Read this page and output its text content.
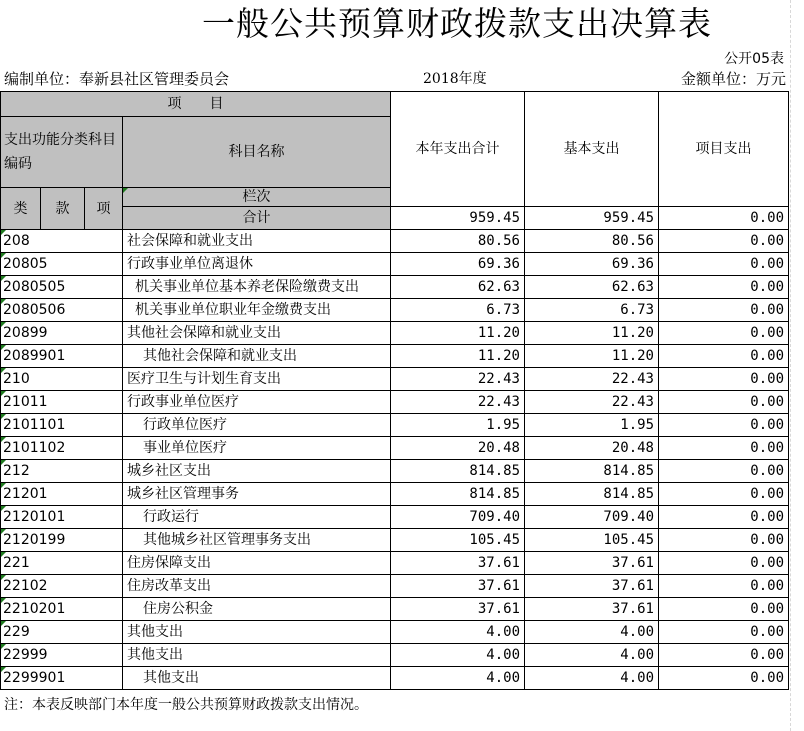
一般公共预算财政拨款支出决算表
公开05表
编制单位：奉新县社区管理委员会	2018年度	金额单位：万元
项　　目				本年支出合计	基本支出	项目支出	
支出功能分类科目编码			科目名称				
类	款	项	栏次			
			合计	959.45	959.45	0.00	
208			社会保障和就业支出	80.56	80.56	0.00	
20805			行政事业单位离退休	69.36	69.36	0.00	
2080505			机关事业单位基本养老保险缴费支出	62.63	62.63	0.00	
2080506			机关事业单位职业年金缴费支出	6.73	6.73	0.00	
20899			其他社会保障和就业支出	11.20	11.20	0.00	
2089901			其他社会保障和就业支出	11.20	11.20	0.00	
210			医疗卫生与计划生育支出	22.43	22.43	0.00	
21011			行政事业单位医疗	22.43	22.43	0.00	
2101101			行政单位医疗	1.95	1.95	0.00	
2101102			事业单位医疗	20.48	20.48	0.00	
212			城乡社区支出	814.85	814.85	0.00	
21201			城乡社区管理事务	814.85	814.85	0.00	
2120101			行政运行	709.40	709.40	0.00	
2120199			其他城乡社区管理事务支出	105.45	105.45	0.00	
221			住房保障支出	37.61	37.61	0.00	
22102			住房改革支出	37.61	37.61	0.00	
2210201			住房公积金	37.61	37.61	0.00	
229			其他支出	4.00	4.00	0.00	
22999			其他支出	4.00	4.00	0.00	
2299901			其他支出	4.00	4.00	0.00	
注：本表反映部门本年度一般公共预算财政拨款支出情况。
